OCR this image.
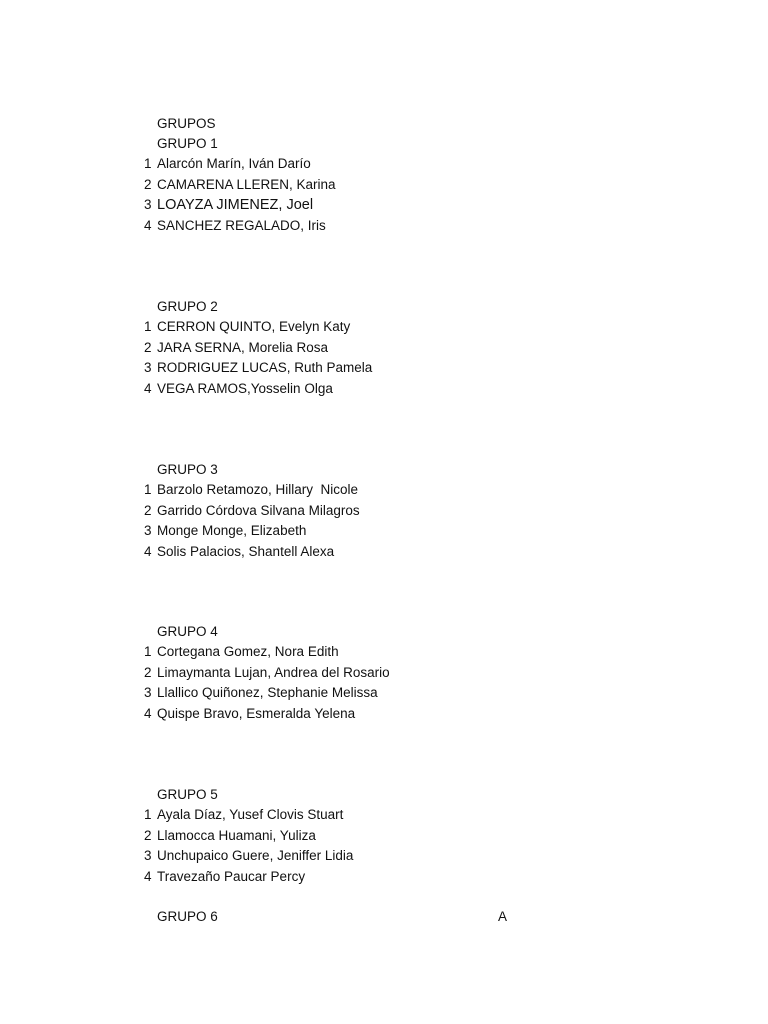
GRUPOS
GRUPO 1
1 Alarcón Marín, Iván Darío
2 CAMARENA LLEREN, Karina
3 LOAYZA JIMENEZ, Joel
4 SANCHEZ REGALADO, Iris
GRUPO 2
1 CERRON QUINTO, Evelyn Katy
2 JARA SERNA, Morelia Rosa
3 RODRIGUEZ LUCAS, Ruth Pamela
4 VEGA RAMOS,Yosselin Olga
GRUPO 3
1 Barzolo Retamozo, Hillary  Nicole
2 Garrido Córdova Silvana Milagros
3 Monge Monge, Elizabeth
4 Solis Palacios, Shantell Alexa
GRUPO 4
1 Cortegana Gomez, Nora Edith
2 Limaymanta Lujan, Andrea del Rosario
3 Llallico Quiñonez, Stephanie Melissa
4 Quispe Bravo, Esmeralda Yelena
GRUPO 5
1 Ayala Díaz, Yusef Clovis Stuart
2 Llamocca Huamani, Yuliza
3 Unchupaico Guere, Jeniffer Lidia
4 Travezaño Paucar Percy
GRUPO 6	A
